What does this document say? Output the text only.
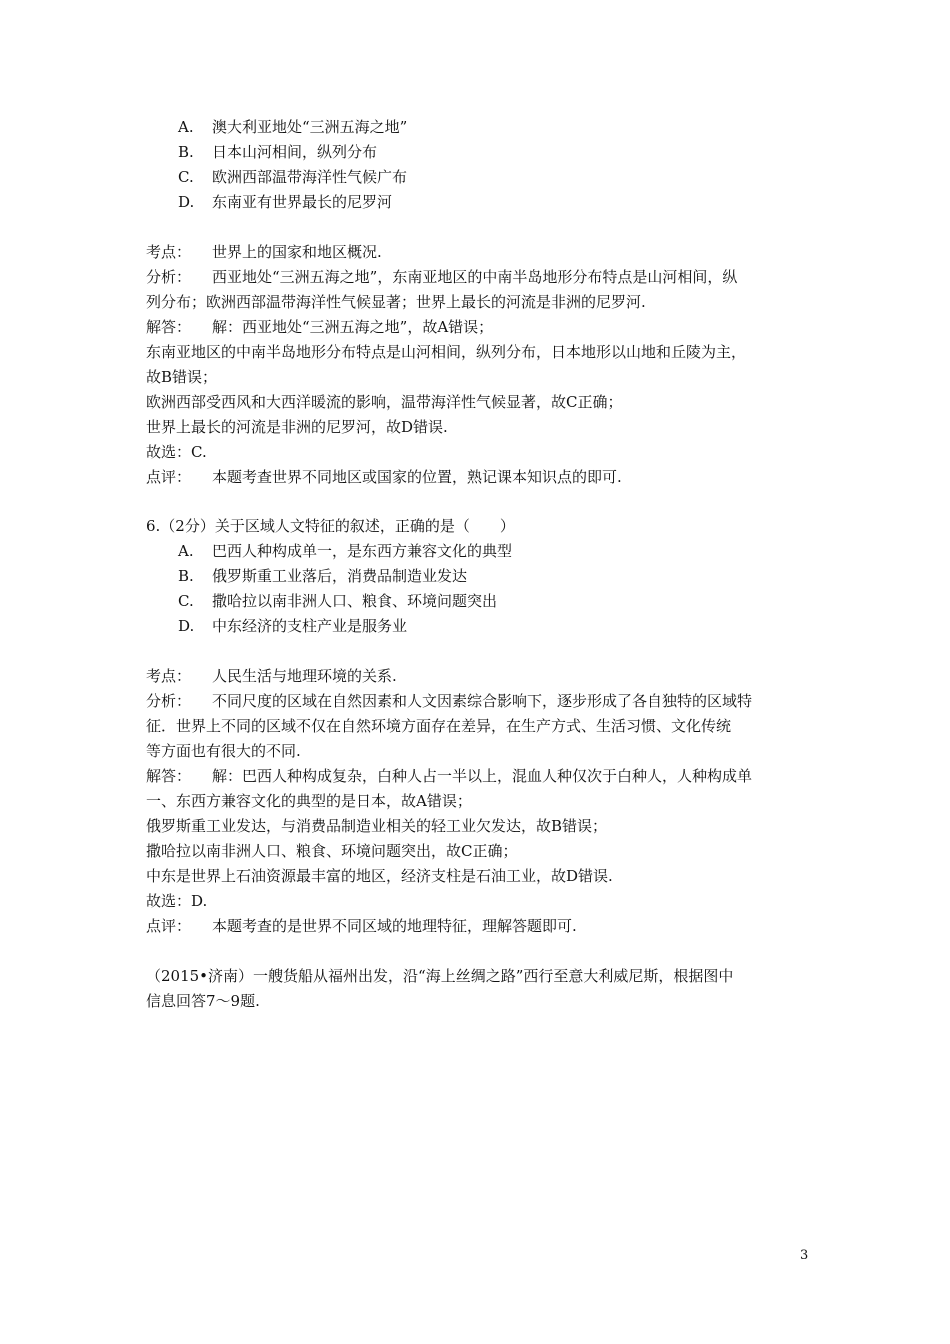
A. 澳大利亚地处“三洲五海之地”
B. 日本山河相间，纵列分布
C. 欧洲西部温带海洋性气候广布
D. 东南亚有世界最长的尼罗河
考点： 世界上的国家和地区概况.
分析： 西亚地处“三洲五海之地”，东南亚地区的中南半岛地形分布特点是山河相间，纵
列分布；欧洲西部温带海洋性气候显著；世界上最长的河流是非洲的尼罗河.
解答： 解：西亚地处“三洲五海之地”，故A错误；
东南亚地区的中南半岛地形分布特点是山河相间，纵列分布，日本地形以山地和丘陵为主，
故B错误；
欧洲西部受西风和大西洋暖流的影响，温带海洋性气候显著，故C正确；
世界上最长的河流是非洲的尼罗河，故D错误.
故选：C.
点评： 本题考查世界不同地区或国家的位置，熟记课本知识点的即可.
6.（2分）关于区域人文特征的叙述，正确的是（　　）
A. 巴西人种构成单一，是东西方兼容文化的典型
B. 俄罗斯重工业落后，消费品制造业发达
C. 撒哈拉以南非洲人口、粮食、环境问题突出
D. 中东经济的支柱产业是服务业
考点： 人民生活与地理环境的关系.
分析： 不同尺度的区域在自然因素和人文因素综合影响下，逐步形成了各自独特的区域特
征．世界上不同的区域不仅在自然环境方面存在差异，在生产方式、生活习惯、文化传统
等方面也有很大的不同.
解答： 解：巴西人种构成复杂，白种人占一半以上，混血人种仅次于白种人，人种构成单
一、东西方兼容文化的典型的是日本，故A错误；
俄罗斯重工业发达，与消费品制造业相关的轻工业欠发达，故B错误；
撒哈拉以南非洲人口、粮食、环境问题突出，故C正确；
中东是世界上石油资源最丰富的地区，经济支柱是石油工业，故D错误.
故选：D.
点评： 本题考查的是世界不同区域的地理特征，理解答题即可.
（2015•济南）一艘货船从福州出发，沿“海上丝绸之路”西行至意大利威尼斯，根据图中
信息回答7～9题.
3
